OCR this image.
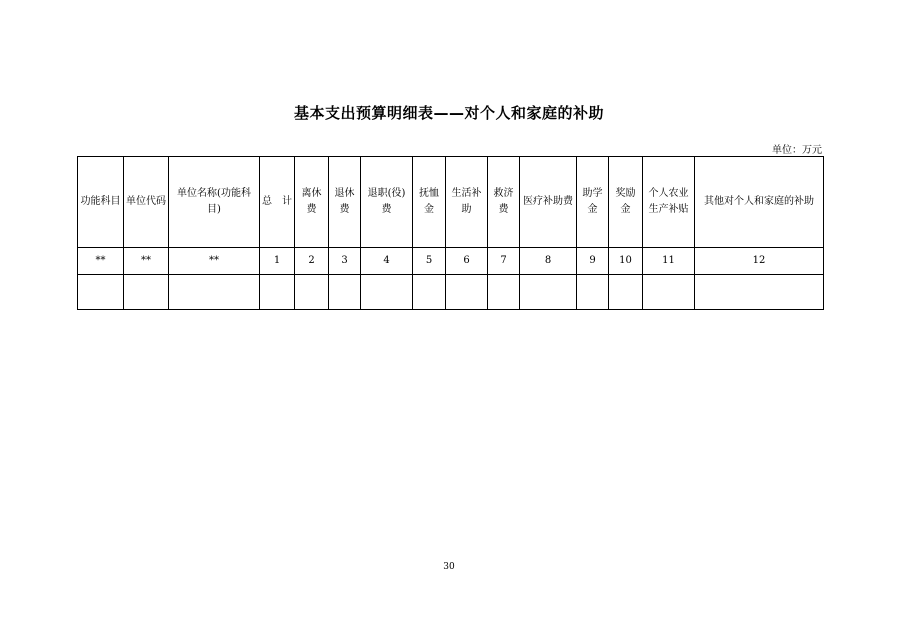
基本支出预算明细表——对个人和家庭的补助
单位：万元
功能科目	单位代码	单位名称(功能科目)	总　计	离休费	退休费	退职(役)费	抚恤金	生活补助	救济费	医疗补助费	助学金	奖励金	个人农业生产补贴	其他对个人和家庭的补助
**	**	**	1	2	3	4	5	6	7	8	9	10	11	12

30
